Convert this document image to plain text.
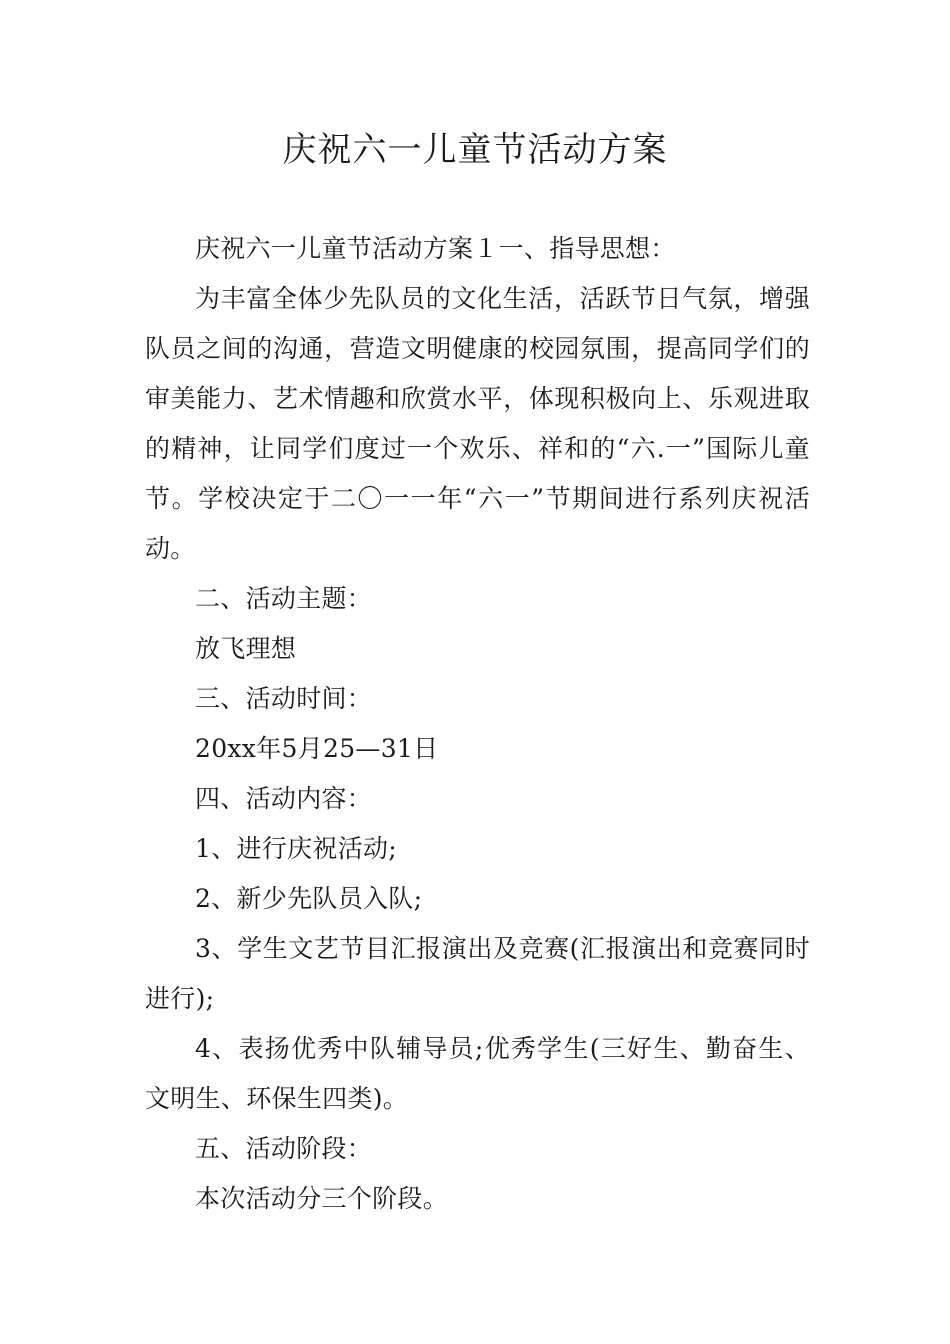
庆祝六一儿童节活动方案

庆祝六一儿童节活动方案１一、指导思想：

为丰富全体少先队员的文化生活，活跃节日气氛，增强队员之间的沟通，营造文明健康的校园氛围，提高同学们的审美能力、艺术情趣和欣赏水平，体现积极向上、乐观进取的精神，让同学们度过一个欢乐、祥和的“六.一”国际儿童节。学校决定于二〇一一年“六一”节期间进行系列庆祝活动。

二、活动主题：

放飞理想

三、活动时间：

20xx年5月25—31日

四、活动内容：

1、进行庆祝活动;

2、新少先队员入队;

3、学生文艺节目汇报演出及竞赛(汇报演出和竞赛同时进行);

4、表扬优秀中队辅导员;优秀学生(三好生、勤奋生、文明生、环保生四类)。

五、活动阶段：

本次活动分三个阶段。
